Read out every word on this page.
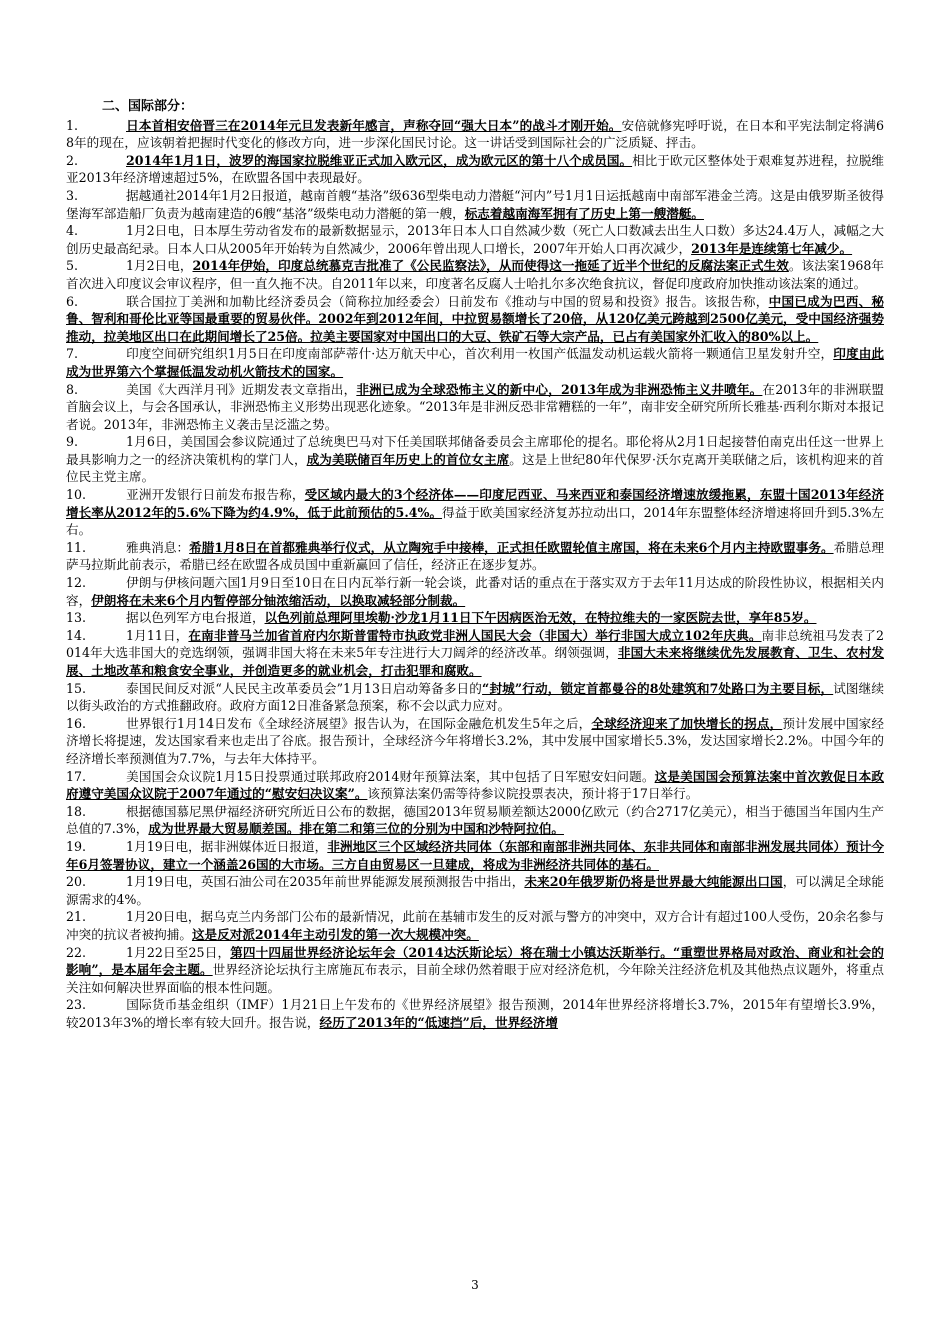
二、国际部分：

1.	日本首相安倍晋三在2014年元旦发表新年感言，声称夺回“强大日本”的战斗才刚开始。安倍就修宪呼吁说，在日本和平宪法制定将满68年的现在，应该朝着把握时代变化的修改方向，进一步深化国民讨论。这一讲话受到国际社会的广泛质疑、抨击。

2.	2014年1月1日，波罗的海国家拉脱维亚正式加入欧元区，成为欧元区的第十八个成员国。相比于欧元区整体处于艰难复苏进程，拉脱维亚2013年经济增速超过5%，在欧盟各国中表现最好。

3.	据越通社2014年1月2日报道，越南首艘“基洛”级636型柴电动力潜艇“河内”号1月1日运抵越南中南部军港金兰湾。这是由俄罗斯圣彼得堡海军部造船厂负责为越南建造的6艘“基洛”级柴电动力潜艇的第一艘，标志着越南海军拥有了历史上第一艘潜艇。

4.	1月2日电，日本厚生劳动省发布的最新数据显示，2013年日本人口自然减少数（死亡人口数减去出生人口数）多达24.4万人，减幅之大创历史最高纪录。日本人口从2005年开始转为自然减少，2006年曾出现人口增长，2007年开始人口再次减少，2013年是连续第七年减少。

5.	1月2日电，2014年伊始，印度总统慕克吉批准了《公民监察法》，从而使得这一拖延了近半个世纪的反腐法案正式生效。该法案1968年首次进入印度议会审议程序，但一直久拖不决。自2011年以来，印度著名反腐人士哈扎尔多次绝食抗议，督促印度政府加快推动该法案的通过。

6.	联合国拉丁美洲和加勒比经济委员会（简称拉加经委会）日前发布《推动与中国的贸易和投资》报告。该报告称，中国已成为巴西、秘鲁、智利和哥伦比亚等国最重要的贸易伙伴。2002年到2012年间，中拉贸易额增长了20倍，从120亿美元跨越到2500亿美元，受中国经济强势推动，拉美地区出口在此期间增长了25倍。拉美主要国家对中国出口的大豆、铁矿石等大宗产品，已占有美国家外汇收入的80%以上。

7.	印度空间研究组织1月5日在印度南部萨蒂什·达万航天中心，首次利用一枚国产低温发动机运载火箭将一颗通信卫星发射升空，印度由此成为世界第六个掌握低温发动机火箭技术的国家。

8.	美国《大西洋月刊》近期发表文章指出，非洲已成为全球恐怖主义的新中心，2013年成为非洲恐怖主义井喷年。在2013年的非洲联盟首脑会议上，与会各国承认，非洲恐怖主义形势出现恶化迹象。“2013年是非洲反恐非常糟糕的一年”，南非安全研究所所长雅基·西利尔斯对本报记者说。2013年，非洲恐怖主义袭击呈泛滥之势。

9.	1月6日，美国国会参议院通过了总统奥巴马对下任美国联邦储备委员会主席耶伦的提名。耶伦将从2月1日起接替伯南克出任这一世界上最具影响力之一的经济决策机构的掌门人，成为美联储百年历史上的首位女主席。这是上世纪80年代保罗·沃尔克离开美联储之后，该机构迎来的首位民主党主席。

10.	亚洲开发银行日前发布报告称，受区域内最大的3个经济体——印度尼西亚、马来西亚和泰国经济增速放缓拖累，东盟十国2013年经济增长率从2012年的5.6%下降为约4.9%，低于此前预估的5.4%。得益于欧美国家经济复苏拉动出口，2014年东盟整体经济增速将回升到5.3%左右。

11.	雅典消息：希腊1月8日在首都雅典举行仪式，从立陶宛手中接棒，正式担任欧盟轮值主席国，将在未来6个月内主持欧盟事务。希腊总理萨马拉斯此前表示，希腊已经在欧盟各成员国中重新赢回了信任，经济正在逐步复苏。

12.	伊朗与伊核问题六国1月9日至10日在日内瓦举行新一轮会谈，此番对话的重点在于落实双方于去年11月达成的阶段性协议，根据相关内容，伊朗将在未来6个月内暂停部分铀浓缩活动，以换取减轻部分制裁。

13.	据以色列军方电台报道，以色列前总理阿里埃勒·沙龙1月11日下午因病医治无效，在特拉维夫的一家医院去世，享年85岁。

14.	1月11日，在南非普马兰加省首府内尔斯普雷特市执政党非洲人国民大会（非国大）举行非国大成立102年庆典。南非总统祖马发表了2014年大选非国大的竞选纲领，强调非国大将在未来5年专注进行大刀阔斧的经济改革。纲领强调，非国大未来将继续优先发展教育、卫生、农村发展、土地改革和粮食安全事业，并创造更多的就业机会，打击犯罪和腐败。

15.	泰国民间反对派“人民民主改革委员会”1月13日启动筹备多日的“封城”行动，锁定首都曼谷的8处建筑和7处路口为主要目标，试图继续以街头政治的方式推翻政府。政府方面12日准备紧急预案，称不会以武力应对。

16.	世界银行1月14日发布《全球经济展望》报告认为，在国际金融危机发生5年之后，全球经济迎来了加快增长的拐点，预计发展中国家经济增长将提速，发达国家看来也走出了谷底。报告预计，全球经济今年将增长3.2%，其中发展中国家增长5.3%，发达国家增长2.2%。中国今年的经济增长率预测值为7.7%，与去年大体持平。

17.	美国国会众议院1月15日投票通过联邦政府2014财年预算法案，其中包括了日军慰安妇问题。这是美国国会预算法案中首次敦促日本政府遵守美国众议院于2007年通过的“慰安妇决议案”。该预算法案仍需等待参议院投票表决，预计将于17日举行。

18.	根据德国慕尼黑伊福经济研究所近日公布的数据，德国2013年贸易顺差额达2000亿欧元（约合2717亿美元），相当于德国当年国内生产总值的7.3%，成为世界最大贸易顺差国。排在第二和第三位的分别为中国和沙特阿拉伯。

19.	1月19日电，据非洲媒体近日报道，非洲地区三个区域经济共同体（东部和南部非洲共同体、东非共同体和南部非洲发展共同体）预计今年6月签署协议，建立一个涵盖26国的大市场。三方自由贸易区一旦建成，将成为非洲经济共同体的基石。

20.	1月19日电，英国石油公司在2035年前世界能源发展预测报告中指出，未来20年俄罗斯仍将是世界最大纯能源出口国，可以满足全球能源需求的4%。

21.	1月20日电，据乌克兰内务部门公布的最新情况，此前在基辅市发生的反对派与警方的冲突中，双方合计有超过100人受伤，20余名参与冲突的抗议者被拘捕。这是反对派2014年主动引发的第一次大规模冲突。

22.	1月22日至25日，第四十四届世界经济论坛年会（2014达沃斯论坛）将在瑞士小镇达沃斯举行。“重塑世界格局对政治、商业和社会的影响”，是本届年会主题。世界经济论坛执行主席施瓦布表示，目前全球仍然着眼于应对经济危机，今年除关注经济危机及其他热点议题外，将重点关注如何解决世界面临的根本性问题。

23.	国际货币基金组织（IMF）1月21日上午发布的《世界经济展望》报告预测，2014年世界经济将增长3.7%，2015年有望增长3.9%，较2013年3%的增长率有较大回升。报告说，经历了2013年的“低速挡”后，世界经济增

3
